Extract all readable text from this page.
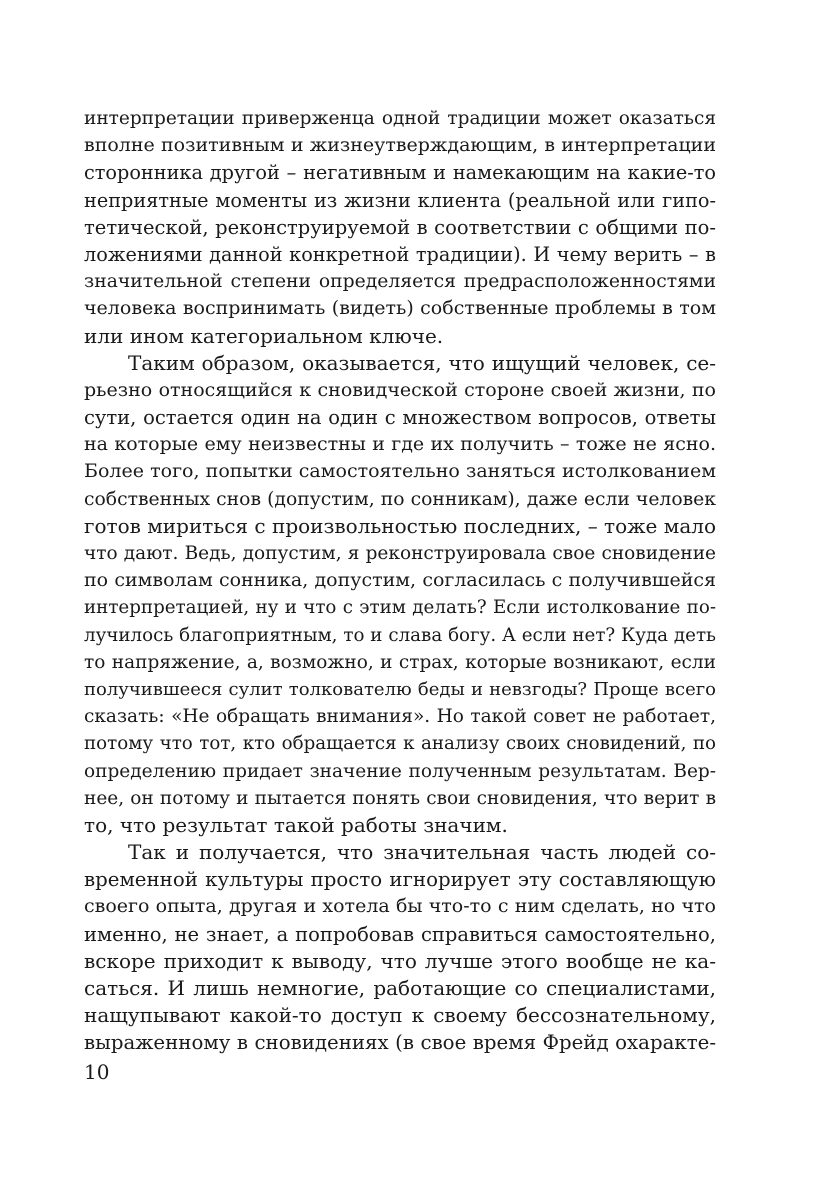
интерпретации приверженца одной традиции может оказаться
вполне позитивным и жизнеутверждающим, в интерпретации
сторонника другой – негативным и намекающим на какие-то
неприятные моменты из жизни клиента (реальной или гипо-
тетической, реконструируемой в соответствии с общими по-
ложениями данной конкретной традиции). И чему верить – в
значительной степени определяется предрасположенностями
человека воспринимать (видеть) собственные проблемы в том
или ином категориальном ключе.
Таким образом, оказывается, что ищущий человек, се-
рьезно относящийся к сновидческой стороне своей жизни, по
сути, остается один на один с множеством вопросов, ответы
на которые ему неизвестны и где их получить – тоже не ясно.
Более того, попытки самостоятельно заняться истолкованием
собственных снов (допустим, по сонникам), даже если человек
готов мириться с произвольностью последних, – тоже мало
что дают. Ведь, допустим, я реконструировала свое сновидение
по символам сонника, допустим, согласилась с получившейся
интерпретацией, ну и что с этим делать? Если истолкование по-
лучилось благоприятным, то и слава богу. А если нет? Куда деть
то напряжение, а, возможно, и страх, которые возникают, если
получившееся сулит толкователю беды и невзгоды? Проще всего
сказать: «Не обращать внимания». Но такой совет не работает,
потому что тот, кто обращается к анализу своих сновидений, по
определению придает значение полученным результатам. Вер-
нее, он потому и пытается понять свои сновидения, что верит в
то, что результат такой работы значим.
Так и получается, что значительная часть людей со-
временной культуры просто игнорирует эту составляющую
своего опыта, другая и хотела бы что-то с ним сделать, но что
именно, не знает, а попробовав справиться самостоятельно,
вскоре приходит к выводу, что лучше этого вообще не ка-
саться. И лишь немногие, работающие со специалистами,
нащупывают какой-то доступ к своему бессознательному,
выраженному в сновидениях (в свое время Фрейд охаракте-
10
